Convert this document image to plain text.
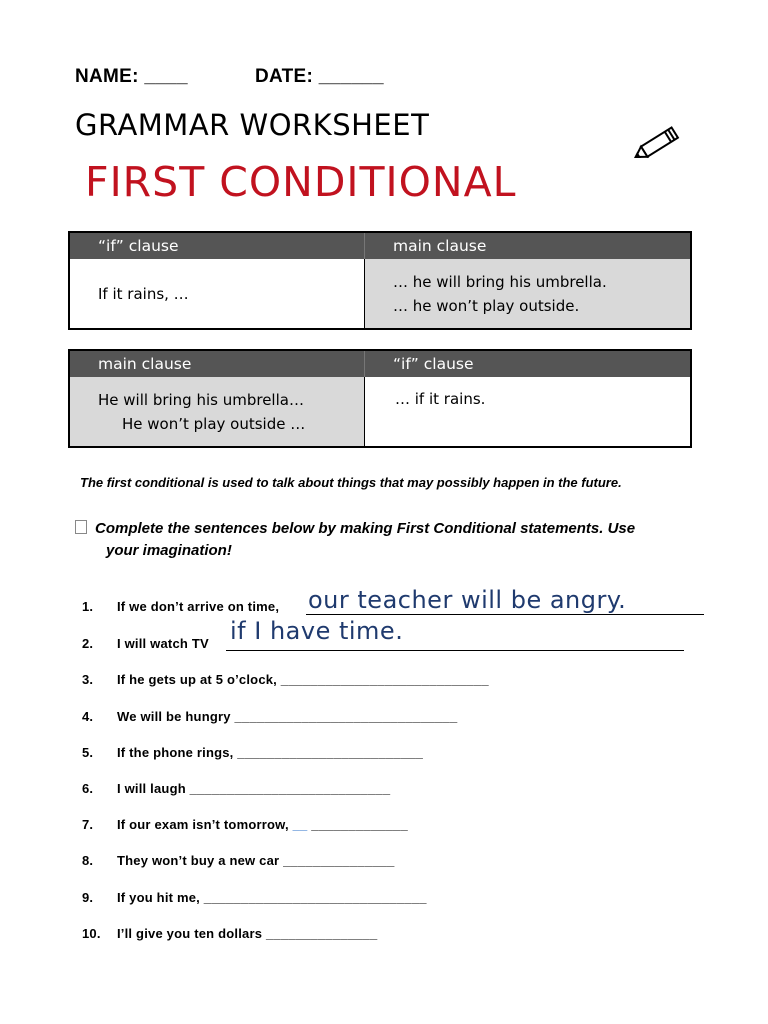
NAME: ____	DATE: ______
GRAMMAR WORKSHEET
FIRST CONDITIONAL
“if” clause	main clause

If it rains, …	… he will bring his umbrella.
… he won’t play outside.
main clause	“if” clause

He will bring his umbrella…
He won’t play outside …	… if it rains.
The first conditional is used to talk about things that may possibly happen in the future.
Complete the sentences below by making First Conditional statements. Use
your imagination!
1. If we don’t arrive on time, our teacher will be angry.
2. I will watch TV if I have time.
3. If he gets up at 5 o’clock, ____________________________
4. We will be hungry ______________________________
5. If the phone rings, _________________________
6. I will laugh ___________________________
7. If our exam isn’t tomorrow, __ _____________
8. They won’t buy a new car _______________
9. If you hit me, ______________________________
10. I’ll give you ten dollars _______________
